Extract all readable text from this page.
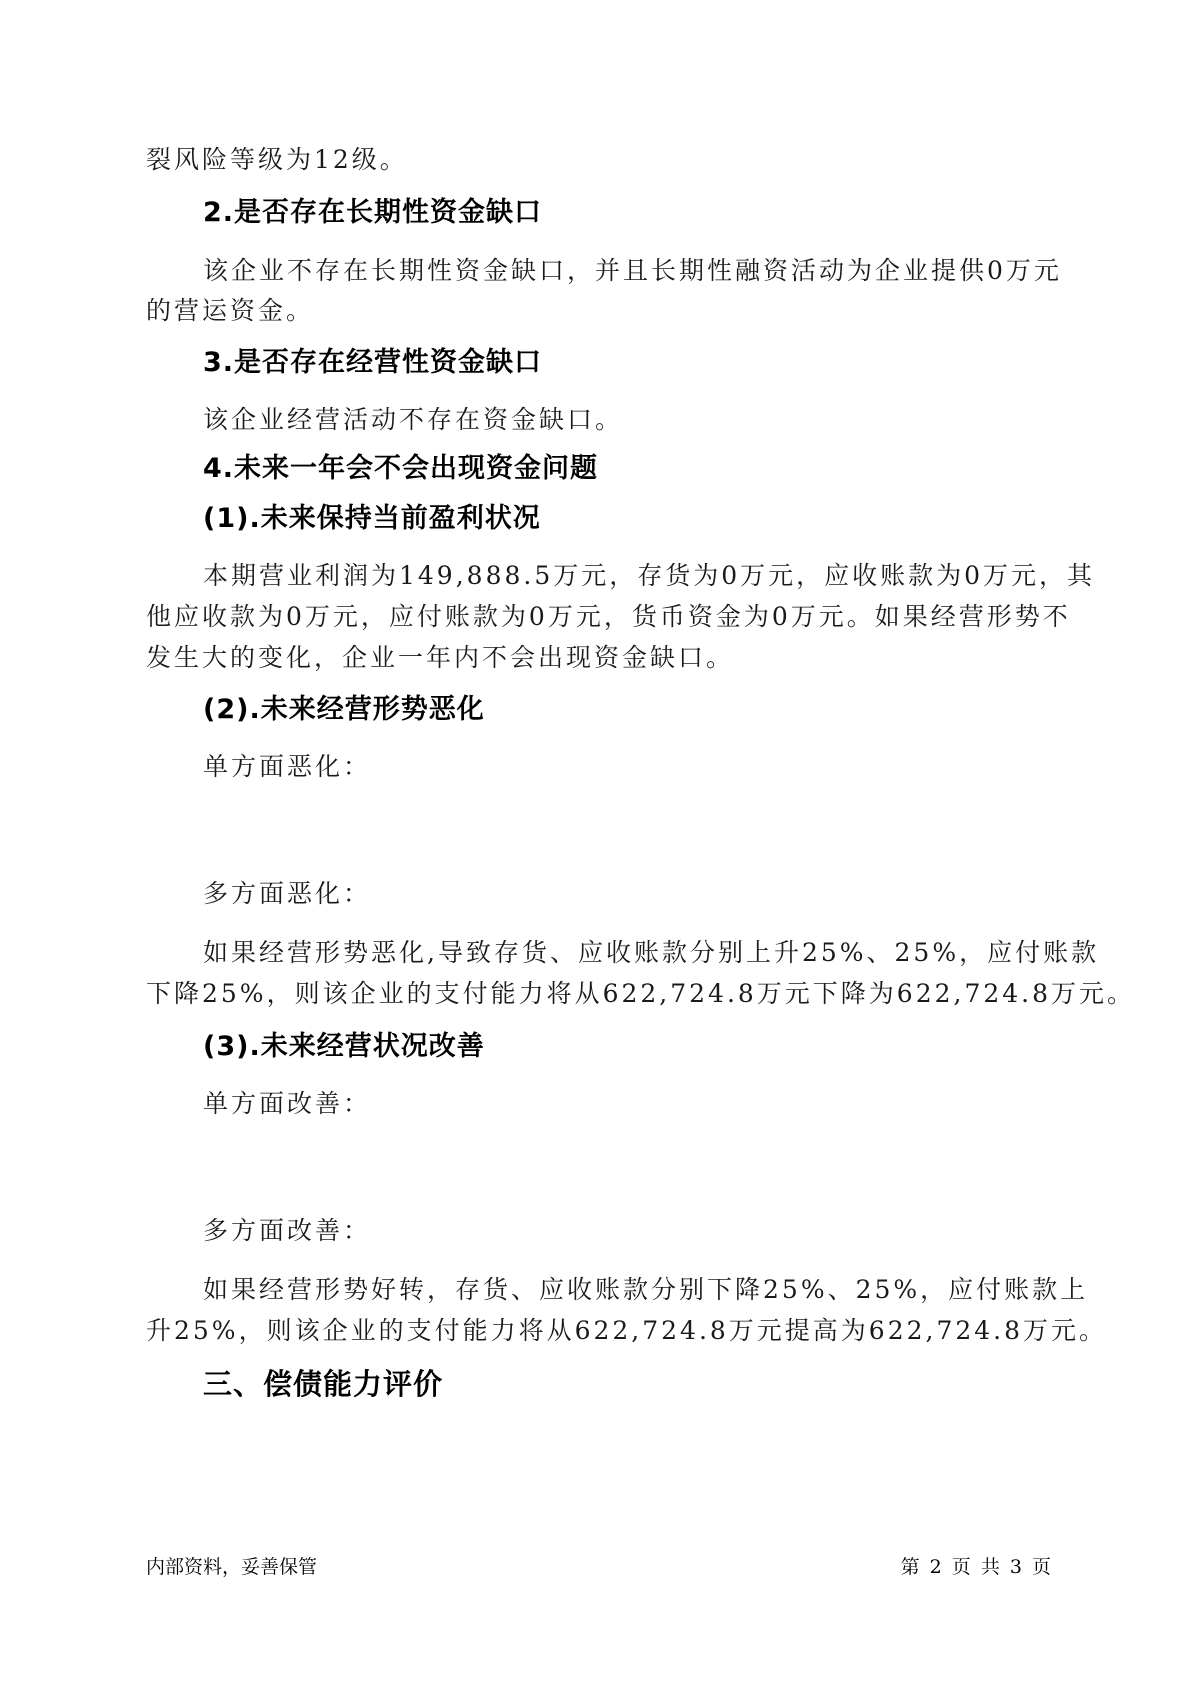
裂风险等级为12级。
2.是否存在长期性资金缺口
该企业不存在长期性资金缺口，并且长期性融资活动为企业提供0万元
的营运资金。
3.是否存在经营性资金缺口
该企业经营活动不存在资金缺口。
4.未来一年会不会出现资金问题
(1).未来保持当前盈利状况
本期营业利润为149,888.5万元，存货为0万元，应收账款为0万元，其
他应收款为0万元，应付账款为0万元，货币资金为0万元。如果经营形势不
发生大的变化，企业一年内不会出现资金缺口。
(2).未来经营形势恶化
单方面恶化：
多方面恶化：
如果经营形势恶化,导致存货、应收账款分别上升25%、25%，应付账款
下降25%，则该企业的支付能力将从622,724.8万元下降为622,724.8万元。
(3).未来经营状况改善
单方面改善：
多方面改善：
如果经营形势好转，存货、应收账款分别下降25%、25%，应付账款上
升25%，则该企业的支付能力将从622,724.8万元提高为622,724.8万元。
三、偿债能力评价
内部资料，妥善保管	第 2 页 共 3 页
